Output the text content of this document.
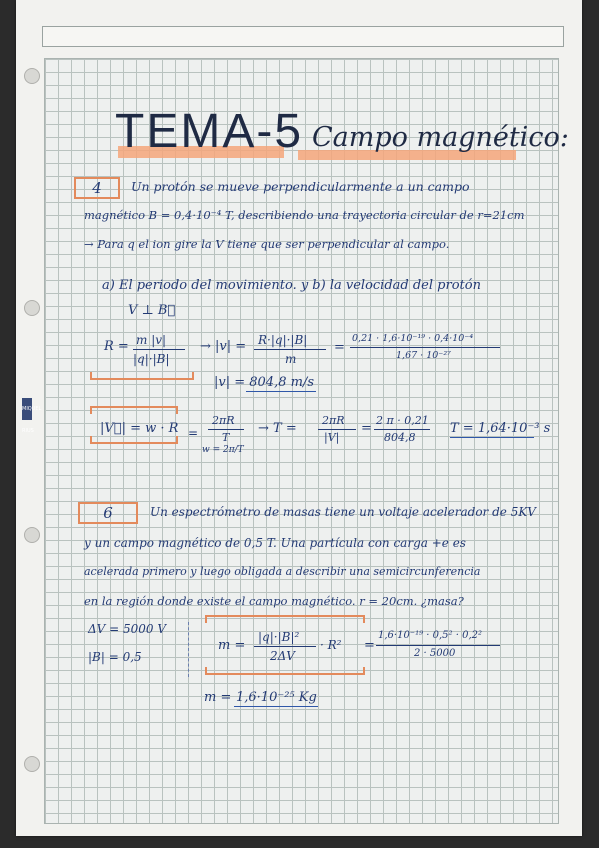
MIQUEL RIUS
TEMA-5 Campo magnético:
4	Un protón se mueve perpendicularmente a un campo
magnético B = 0,4·10⁻⁴ T, describiendo una trayectoria circular de r=21cm
→ Para q el ion gire la V tiene que ser perpendicular al campo.
a) El periodo del movimiento. y b) la velocidad del protón
V ⊥ B⃗
R = m |v|
|q|·|B|
→ |v| = R·|q|·|B|
m
=
0,21 · 1,6·10⁻¹⁹ · 0,4·10⁻⁴
1,67 · 10⁻²⁷
|v| = 804,8 m/s
|V⃗| = w · R =
2πR
T
w = 2π/T
→ T =
2πR
|V|
=
2 π · 0,21
804,8
T = 1,64·10⁻³ s
6	Un espectrómetro de masas tiene un voltaje acelerador de 5KV
y un campo magnético de 0,5 T. Una partícula con carga +e es
acelerada primero y luego obligada a describir una semicircunferencia
en la región donde existe el campo magnético. r = 20cm. ¿masa?
ΔV = 5000 V
|B| = 0,5
m =
|q|·|B|²
2ΔV
· R² =
1,6·10⁻¹⁹ · 0,5² · 0,2²
2 · 5000
m = 1,6·10⁻²⁵ Kg
